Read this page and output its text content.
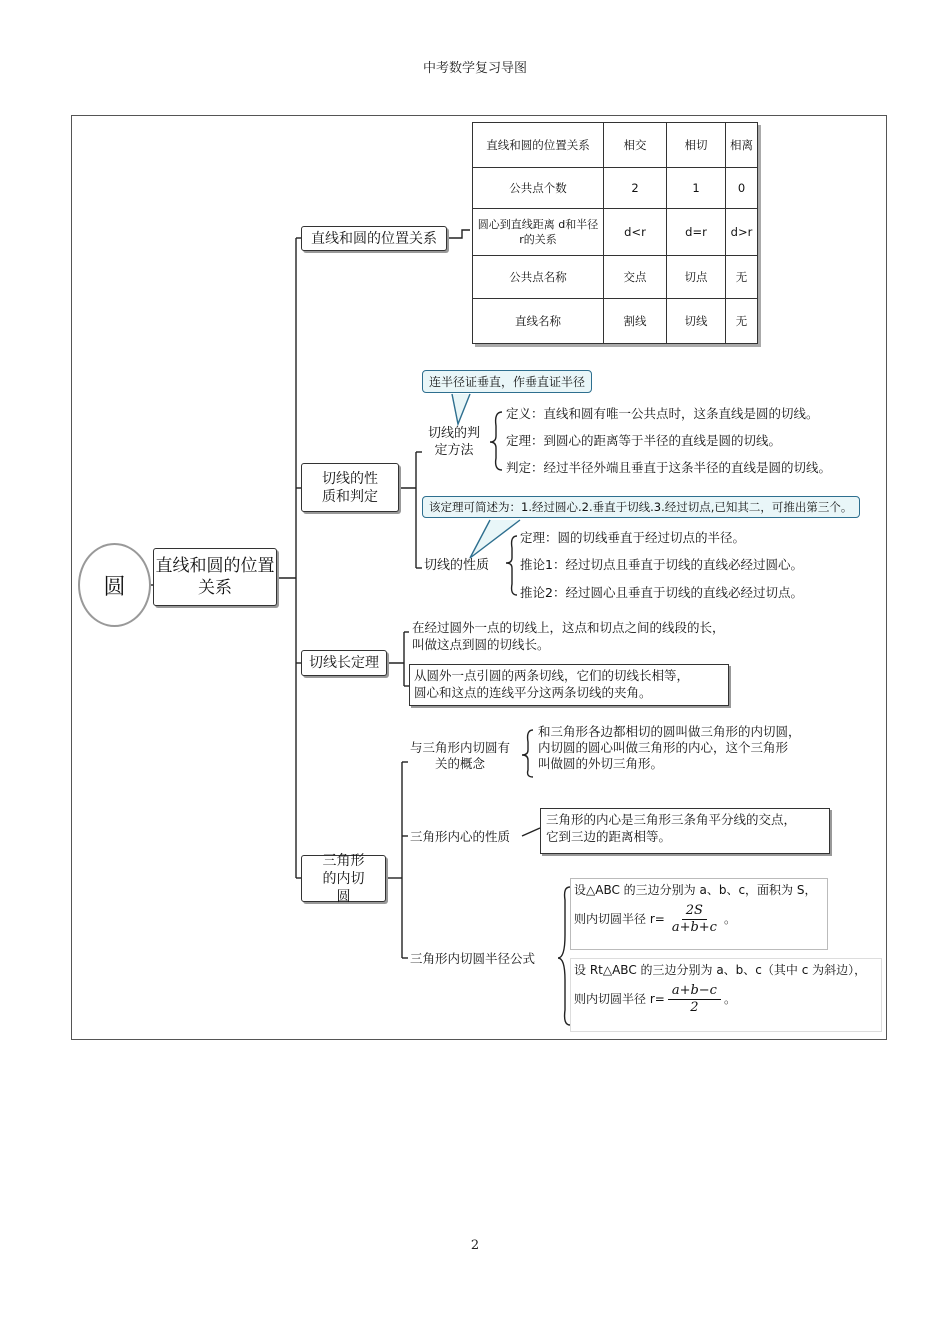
中考数学复习导图
圆
直线和圆的位置关系
直线和圆的位置关系
切线的性质和判定
切线长定理
三角形的内切圆
直线和圆的位置关系	相交	相切	相离
公共点个数	2	1	0
圆心到直线距离 d和半径 r的关系	d<r	d=r	d>r
公共点名称	交点	切点	无
直线名称	割线	切线	无
连半径证垂直，作垂直证半径
切线的判定方法
定义：直线和圆有唯一公共点时，这条直线是圆的切线。
定理：到圆心的距离等于半径的直线是圆的切线。
判定：经过半径外端且垂直于这条半径的直线是圆的切线。
该定理可简述为：1.经过圆心.2.垂直于切线.3.经过切点,已知其二，可推出第三个。
切线的性质
定理：圆的切线垂直于经过切点的半径。
推论1：经过切点且垂直于切线的直线必经过圆心。
推论2：经过圆心且垂直于切线的直线必经过切点。
在经过圆外一点的切线上，这点和切点之间的线段的长，
叫做这点到圆的切线长。
从圆外一点引圆的两条切线，它们的切线长相等，
圆心和这点的连线平分这两条切线的夹角。
与三角形内切圆有关的概念
和三角形各边都相切的圆叫做三角形的内切圆，
内切圆的圆心叫做三角形的内心，这个三角形
叫做圆的外切三角形。
三角形内心的性质
三角形的内心是三角形三条角平分线的交点，
它到三边的距离相等。
三角形内切圆半径公式
设△ABC 的三边分别为 a、b、c，面积为 S，
则内切圆半径 $r= \frac{2S}{a+b+c}$ 。
设 Rt△ABC 的三边分别为 a、b、c（其中 c 为斜边），
则内切圆半径 $r= \frac{a+b-c}{2}$ 。
2
